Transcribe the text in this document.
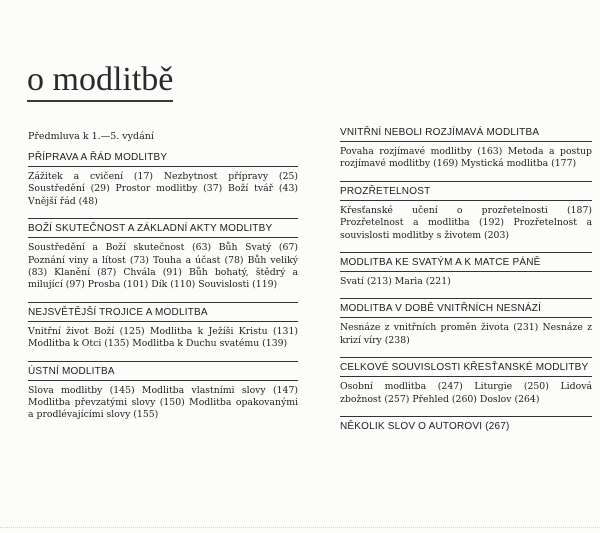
o modlitbě
Předmluva k 1.—5. vydání
PŘÍPRAVA A ŘÁD MODLITBY
Zážitek a cvičení (17) Nezbytnost přípravy (25) Soustředění (29) Prostor modlitby (37) Boží tvář (43) Vnější řád (48)
BOŽÍ SKUTEČNOST A ZÁKLADNÍ AKTY MODLITBY
Soustředění a Boží skutečnost (63) Bůh Svatý (67) Poznání viny a lítost (73) Touha a účast (78) Bůh veliký (83) Klanění (87) Chvála (91) Bůh bohatý, štědrý a milující (97) Prosba (101) Dík (110) Souvislosti (119)
NEJSVĚTĚJŠÍ TROJICE A MODLITBA
Vnitřní život Boží (125) Modlitba k Ježíši Kristu (131) Modlitba k Otci (135) Modlitba k Duchu svatému (139)
ÚSTNÍ MODLITBA
Slova modlitby (145) Modlitba vlastními slovy (147) Modlitba převzatými slovy (150) Modlitba opakovanými a prodlévajícími slovy (155)
VNITŘNÍ NEBOLI ROZJÍMAVÁ MODLITBA
Povaha rozjímavé modlitby (163) Metoda a postup rozjímavé modlitby (169) Mystická modlitba (177)
PROZŘETELNOST
Křesťanské učení o prozřetelnosti (187) Prozřetelnost a modlitba (192) Prozřetelnost a souvislosti modlitby s životem (203)
MODLITBA KE SVATÝM A K MATCE PÁNĚ
Svatí (213) Maria (221)
MODLITBA V DOBĚ VNITŘNÍCH NESNÁZÍ
Nesnáze z vnitřních proměn života (231) Nesnáze z krizí víry (238)
CELKOVÉ SOUVISLOSTI KŘESŤANSKÉ MODLITBY
Osobní modlitba (247) Liturgie (250) Lidová zbožnost (257) Přehled (260) Doslov (264)
NĚKOLIK SLOV O AUTOROVI (267)
